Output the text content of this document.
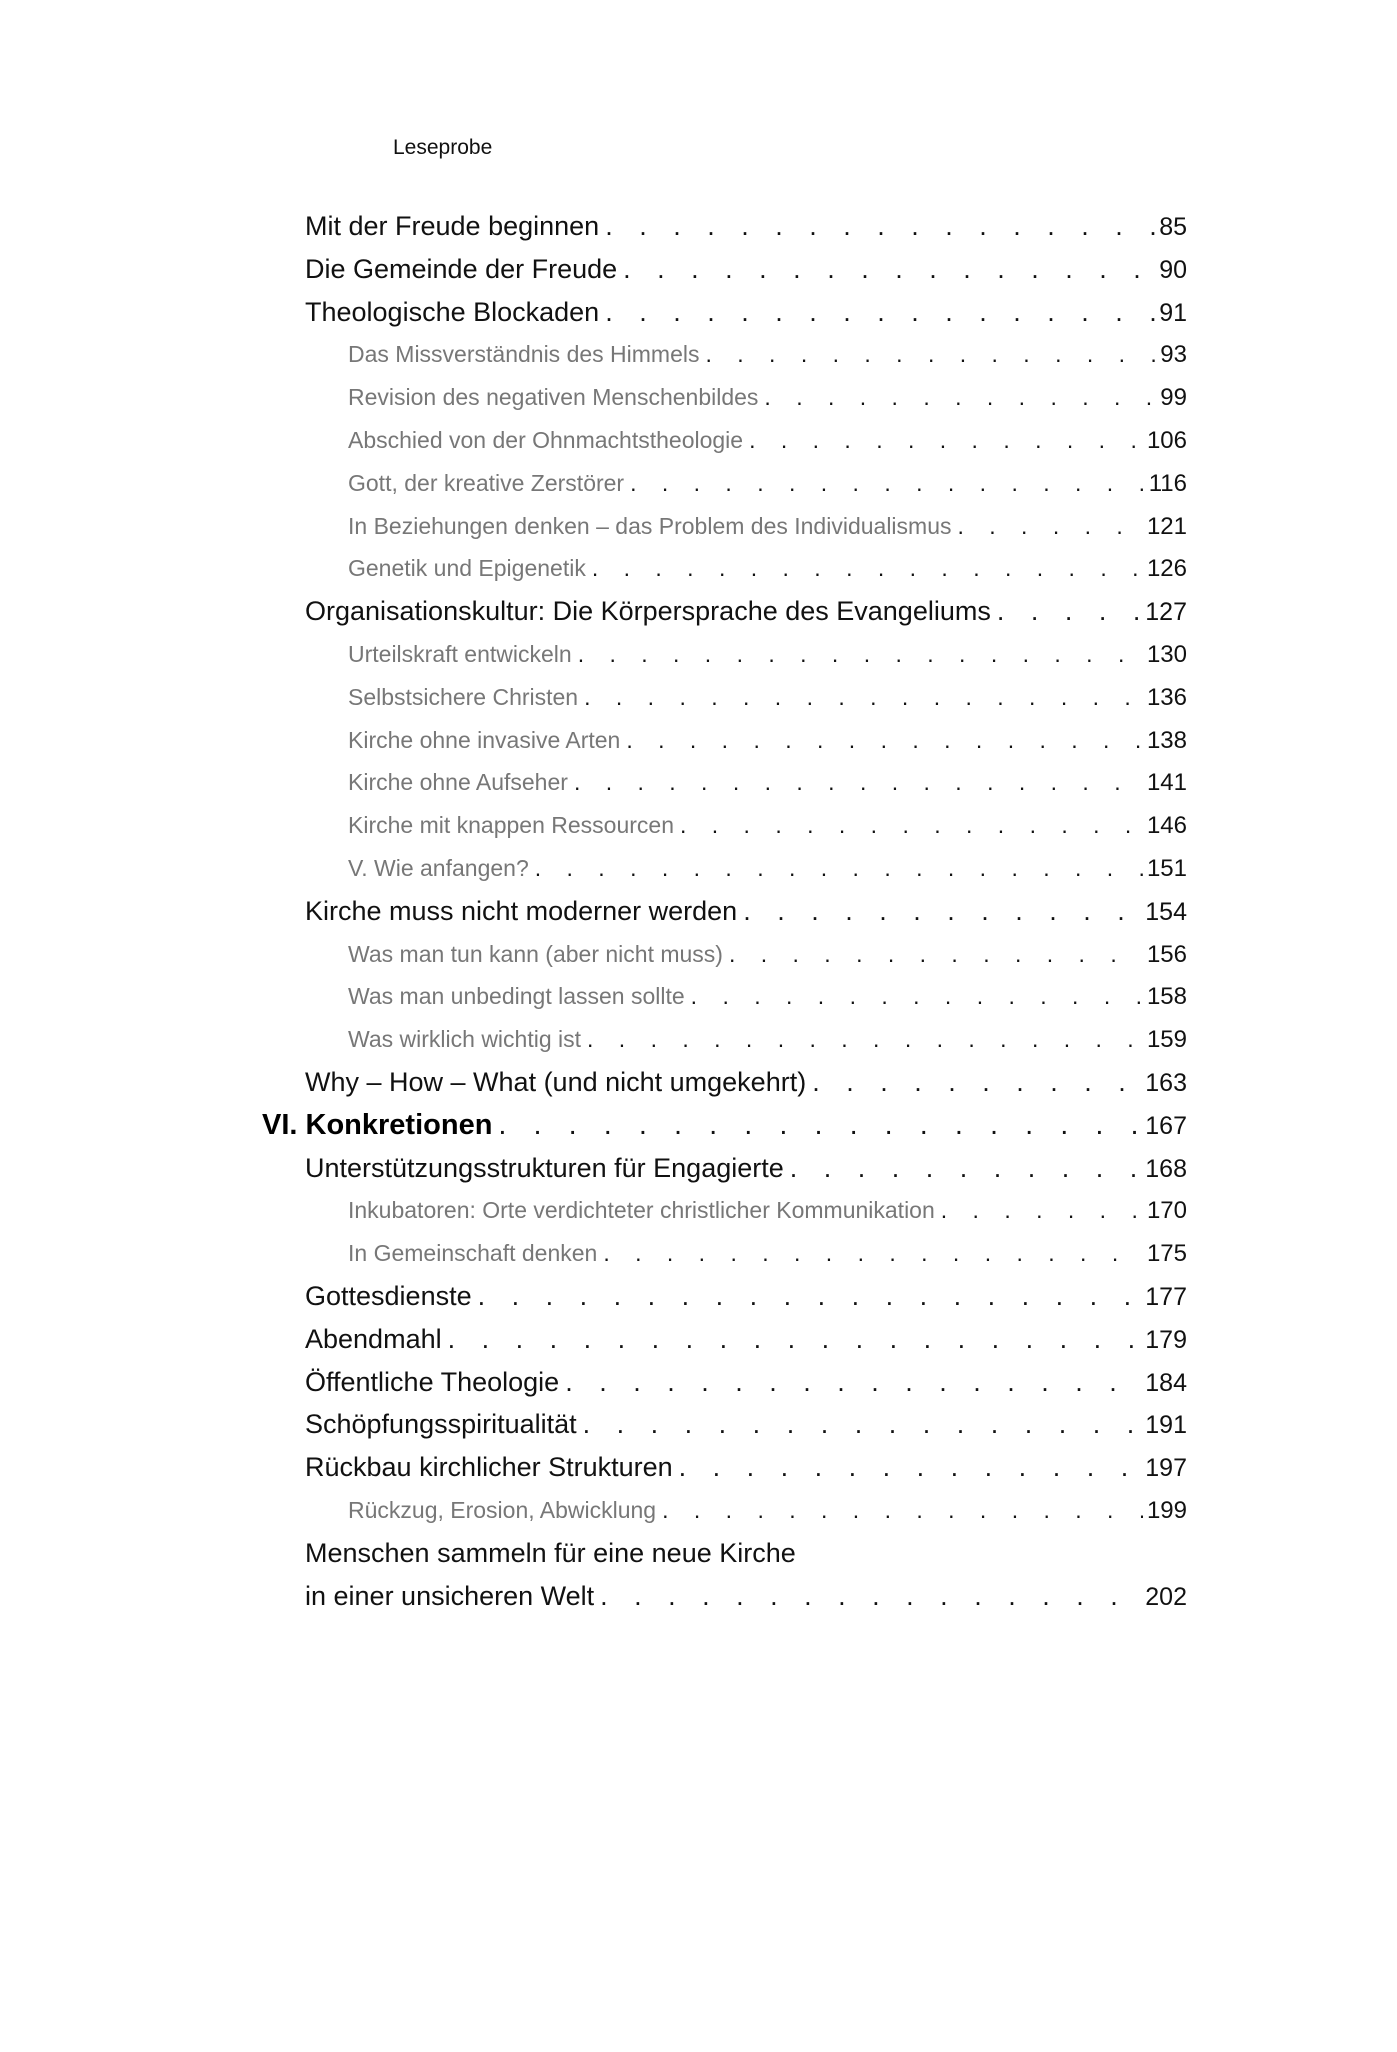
Leseprobe
Mit der Freude beginnen . . .	85
Die Gemeinde der Freude . . .	90
Theologische Blockaden . . .	91
Das Missverständnis des Himmels . . .	93
Revision des negativen Menschenbildes . . .	99
Abschied von der Ohnmachtstheologie . . .	106
Gott, der kreative Zerstörer . . .	116
In Beziehungen denken – das Problem des Individualismus . . .	121
Genetik und Epigenetik . . .	126
Organisationskultur: Die Körpersprache des Evangeliums . . .	127
Urteilskraft entwickeln . . .	130
Selbstsichere Christen . . .	136
Kirche ohne invasive Arten . . .	138
Kirche ohne Aufseher . . .	141
Kirche mit knappen Ressourcen . . .	146
V. Wie anfangen? . . .	151
Kirche muss nicht moderner werden . . .	154
Was man tun kann (aber nicht muss) . . .	156
Was man unbedingt lassen sollte . . .	158
Was wirklich wichtig ist . . .	159
Why – How – What (und nicht umgekehrt) . . .	163
VI. Konkretionen . . .	167
Unterstützungsstrukturen für Engagierte . . .	168
Inkubatoren: Orte verdichteter christlicher Kommunikation . . .	170
In Gemeinschaft denken . . .	175
Gottesdienste . . .	177
Abendmahl . . .	179
Öffentliche Theologie . . .	184
Schöpfungsspiritualität . . .	191
Rückbau kirchlicher Strukturen . . .	197
Rückzug, Erosion, Abwicklung . . .	199
Menschen sammeln für eine neue Kirche
in einer unsicheren Welt . . .	202
